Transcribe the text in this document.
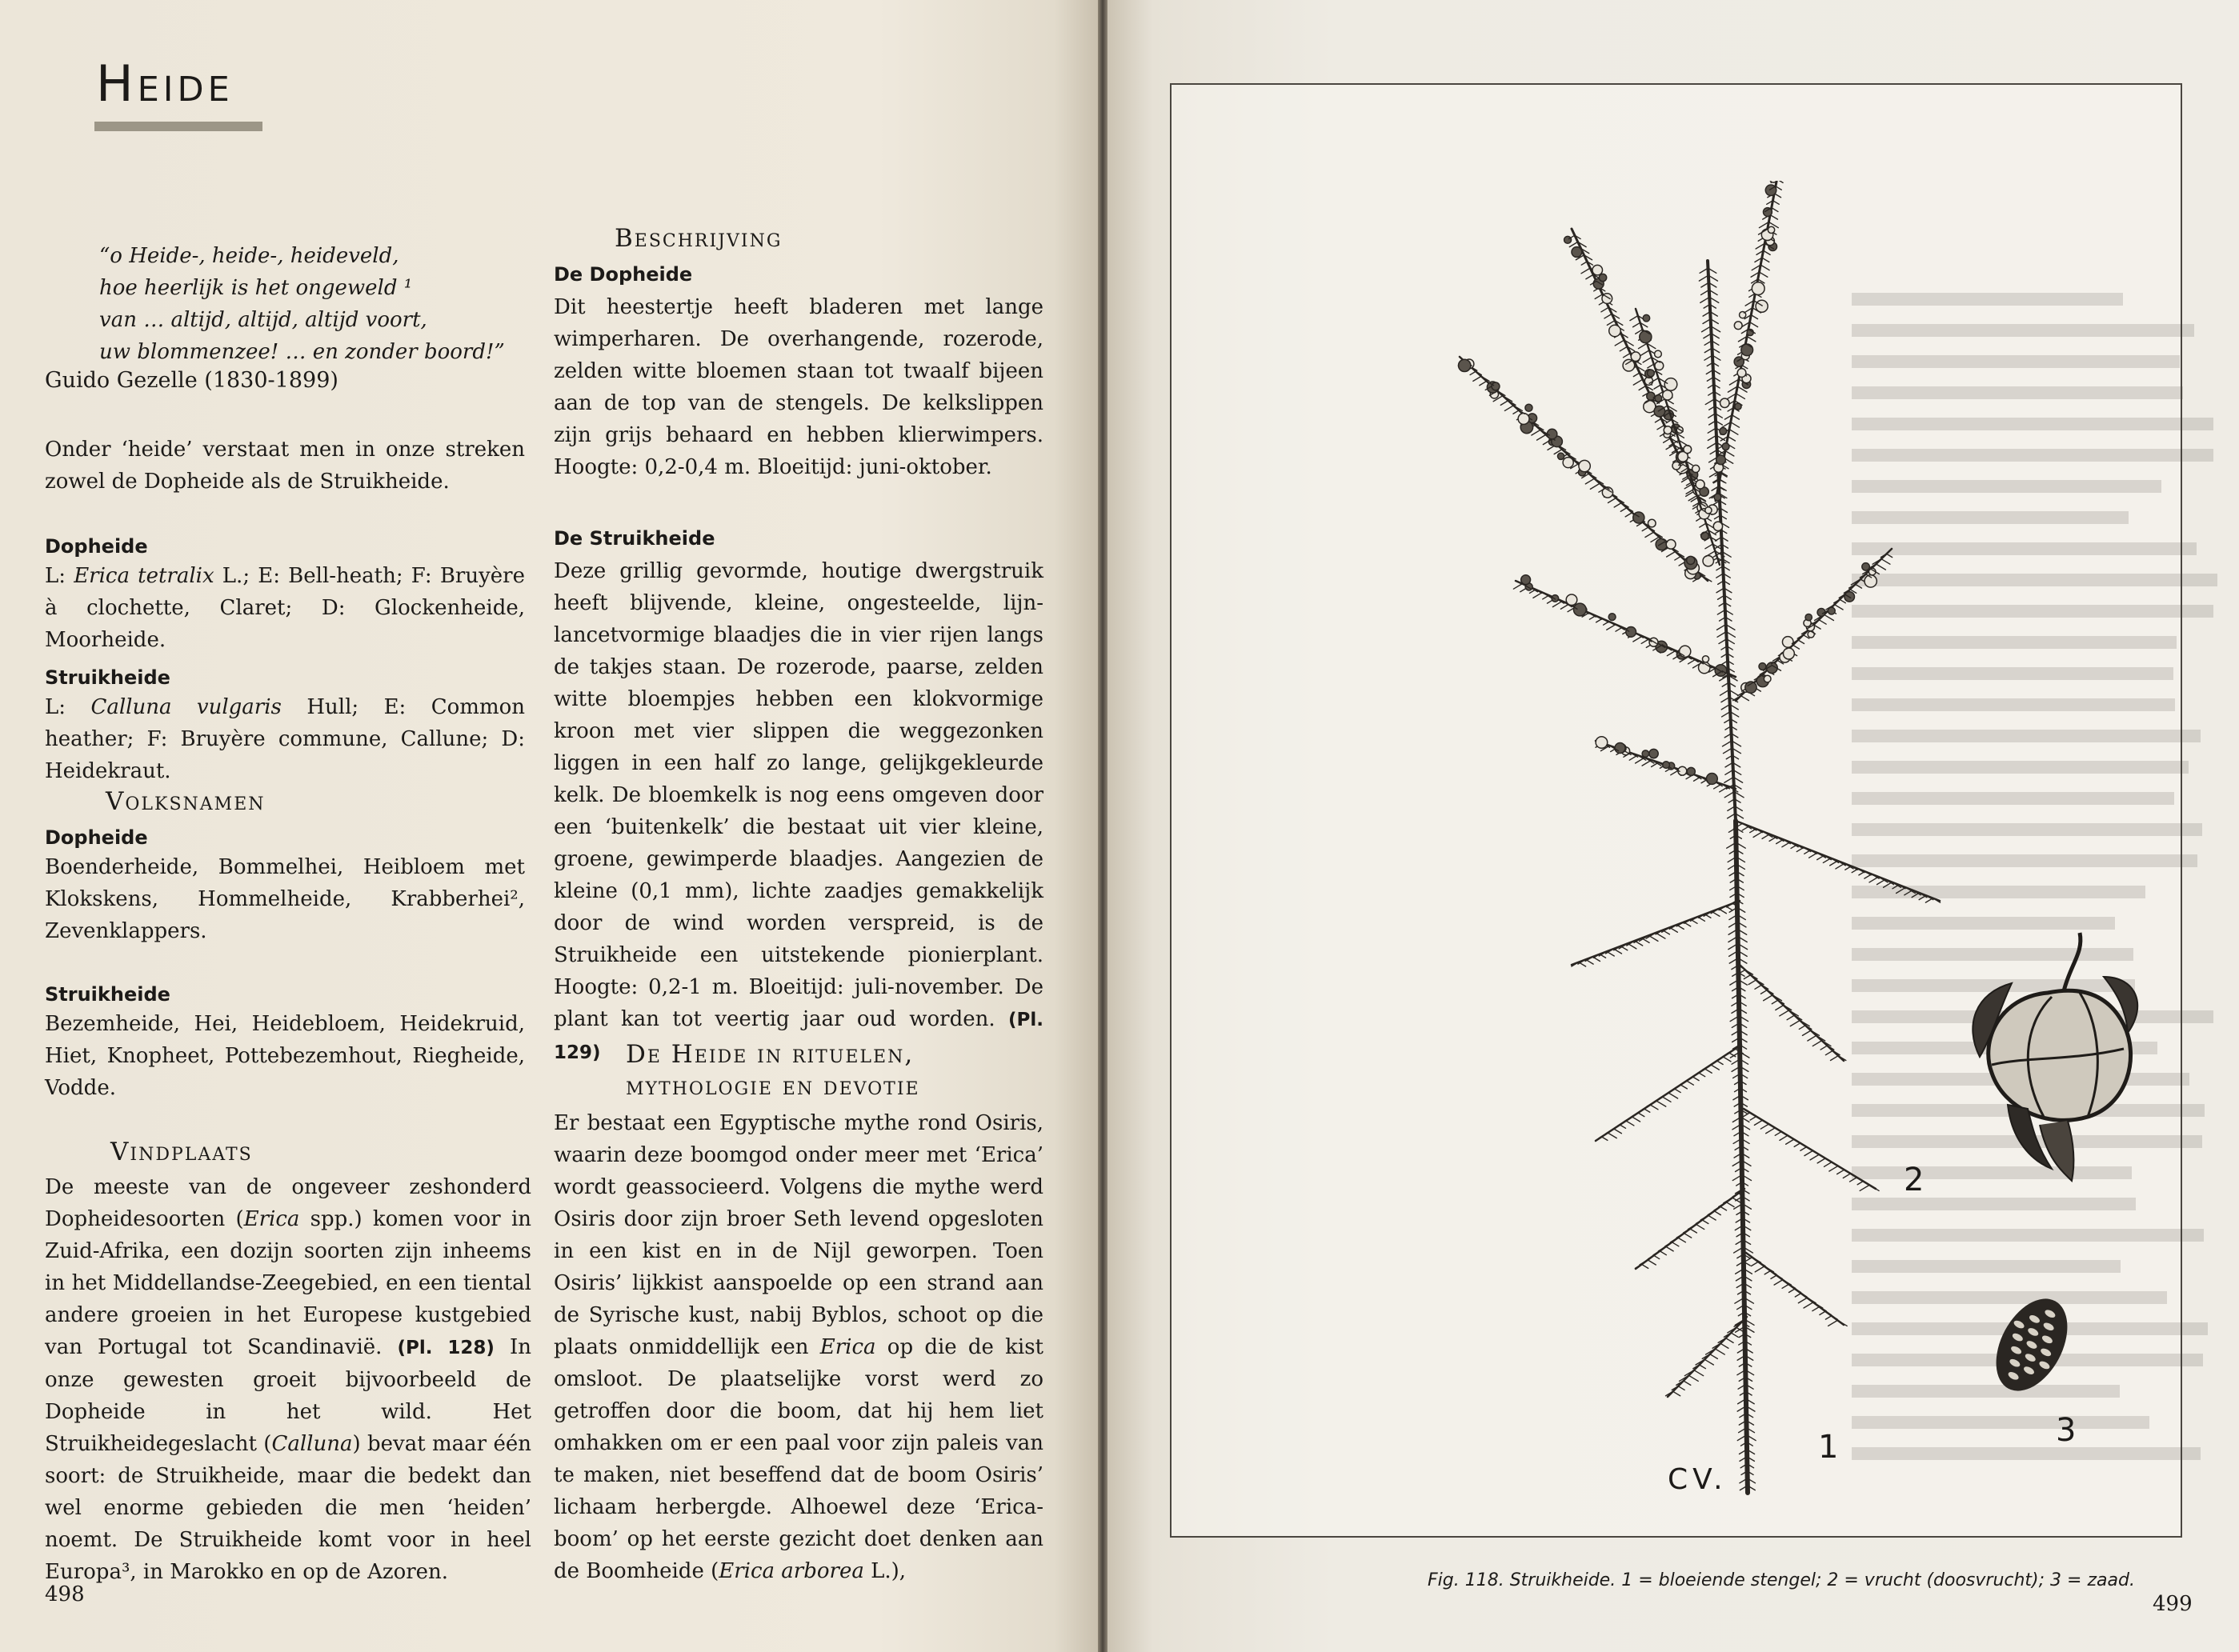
Heide
“o Heide-, heide-, heideveld,
hoe heerlijk is het ongeweld ¹
van … altijd, altijd, altijd voort,
uw blommenzee! … en zonder boord!”
Guido Gezelle (1830-1899)

Onder ‘heide’ verstaat men in onze streken zowel de Dopheide als de Struikheide.

Dopheide

L: Erica tetralix L.; E: Bell-heath; F: Bruyère à clochette, Claret; D: Glockenheide, Moorheide.

Struikheide

L: Calluna vulgaris Hull; E: Common heather; F: Bruyère commune, Callune; D: Heidekraut.

Volksnamen
Dopheide

Boenderheide, Bommelhei, Heibloem met Klokskens, Hommelheide, Krabberhei², Zevenklappers.

Struikheide

Bezemheide, Hei, Heidebloem, Heidekruid, Hiet, Knopheet, Pottebezemhout, Riegheide, Vodde.

Vindplaats

De meeste van de ongeveer zeshonderd Dopheidesoorten (Erica spp.) komen voor in Zuid-Afrika, een dozijn soorten zijn inheems in het Middellandse-Zeegebied, en een tiental andere groeien in het Europese kustgebied van Portugal tot Scandinavië. (Pl. 128) In onze gewesten groeit bijvoorbeeld de Dopheide in het wild. Het Struikheidegeslacht (Calluna) bevat maar één soort: de Struikheide, maar die bedekt dan wel enorme gebieden die men ‘heiden’ noemt. De Struikheide komt voor in heel Europa³, in Marokko en op de Azoren.

498
Beschrijving
De Dopheide

Dit heestertje heeft bladeren met lange wimperharen. De overhangende, rozerode, zelden witte bloemen staan tot twaalf bijeen aan de top van de stengels. De kelkslippen zijn grijs behaard en hebben klierwimpers. Hoogte: 0,2-0,4 m. Bloeitijd: juni-oktober.

De Struikheide

Deze grillig gevormde, houtige dwergstruik heeft blijvende, kleine, ongesteelde, lijn-lancetvormige blaadjes die in vier rijen langs de takjes staan. De rozerode, paarse, zelden witte bloempjes hebben een klokvormige kroon met vier slippen die weggezonken liggen in een half zo lange, gelijkgekleurde kelk. De bloemkelk is nog eens omgeven door een ‘buitenkelk’ die bestaat uit vier kleine, groene, gewimperde blaadjes. Aangezien de kleine (0,1 mm), lichte zaadjes gemakkelijk door de wind worden verspreid, is de Struikheide een uitstekende pionierplant. Hoogte: 0,2-1 m. Bloeitijd: juli-november. De plant kan tot veertig jaar oud worden. (Pl. 129)	De Heide in rituelen,
mythologie en devotie

Er bestaat een Egyptische mythe rond Osiris, waarin deze boomgod onder meer met ‘Erica’ wordt geassocieerd. Volgens die mythe werd Osiris door zijn broer Seth levend opgesloten in een kist en in de Nijl geworpen. Toen Osiris’ lijkkist aanspoelde op een strand aan de Syrische kust, nabij Byblos, schoot op die plaats onmiddellijk een Erica op die de kist omsloot. De plaatselijke vorst werd zo getroffen door die boom, dat hij hem liet omhakken om er een paal voor zijn paleis van te maken, niet beseffend dat de boom Osiris’ lichaam herbergde. Alhoewel deze ‘Erica-boom’ op het eerste gezicht doet denken aan de Boomheide (Erica arborea L.),

2
3
1
CV.
Fig. 118. Struikheide. 1 = bloeiende stengel; 2 = vrucht (doosvrucht); 3 = zaad.
499
